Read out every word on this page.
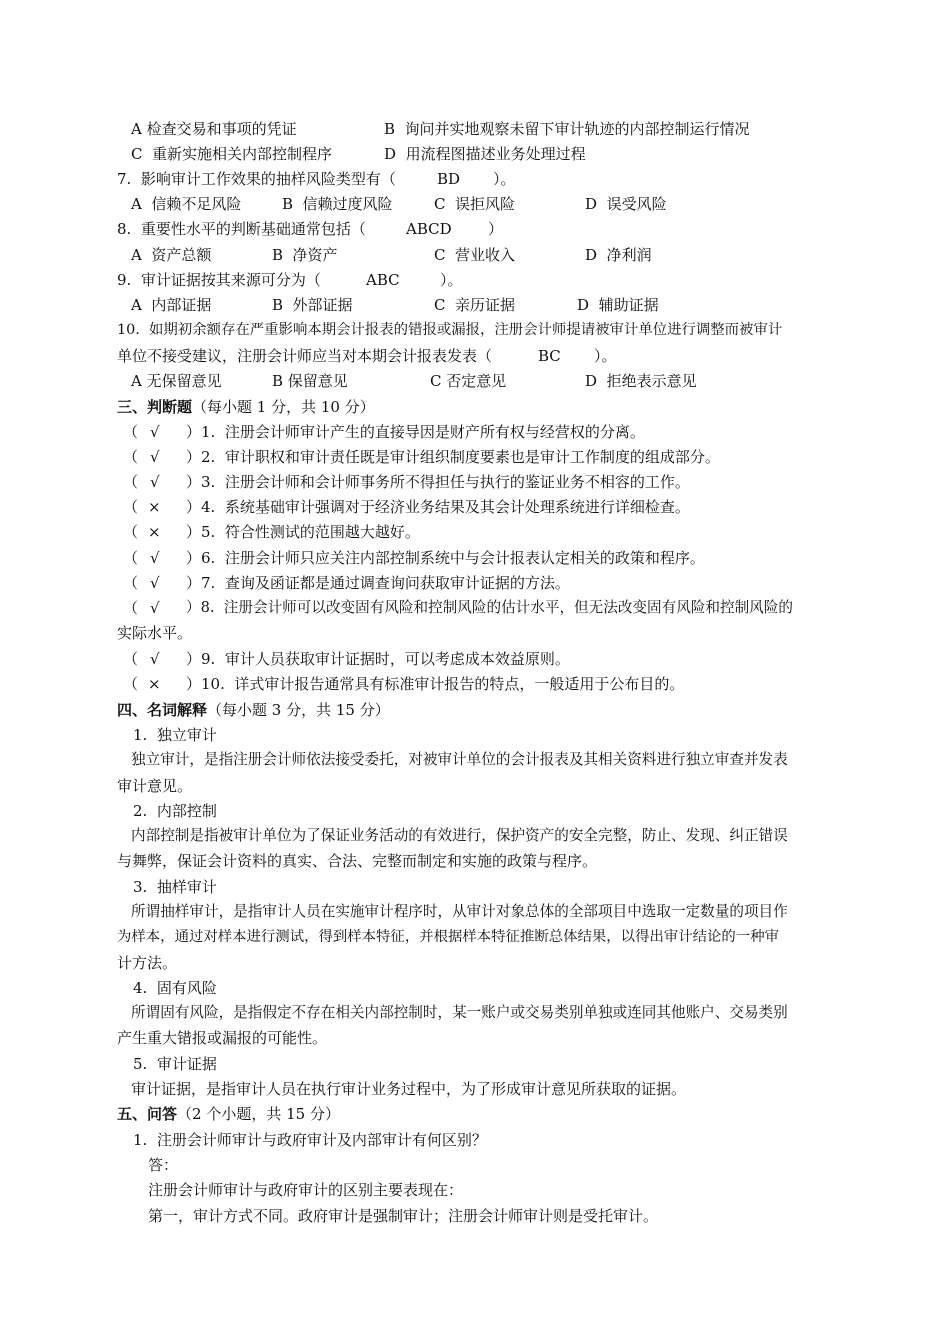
A 检查交易和事项的凭证	B  询问并实地观察未留下审计轨迹的内部控制运行情况
C  重新实施相关内部控制程序	D  用流程图描述业务处理过程
7.  影响审计工作效果的抽样风险类型有（	BD ）。
A  信赖不足风险	B  信赖过度风险	C  误拒风险	D  误受风险
8.  重要性水平的判断基础通常包括（	ABCD ）
A  资产总额	B  净资产	C  营业收入	D  净利润
9.  审计证据按其来源可分为（	ABC	）。
A  内部证据	B  外部证据	C  亲历证据	D  辅助证据
10.  如期初余额存在严重影响本期会计报表的错报或漏报，注册会计师提请被审计单位进行调整而被审计
单位不接受建议，注册会计师应当对本期会计报表发表（	BC ）。
A 无保留意见	B 保留意见	C 否定意见	D  拒绝表示意见
三、判断题（每小题 1 分，共 10 分）
（ √ ）1.  注册会计师审计产生的直接导因是财产所有权与经营权的分离。
（ √ ）2.  审计职权和审计责任既是审计组织制度要素也是审计工作制度的组成部分。
（ √ ）3.  注册会计师和会计师事务所不得担任与执行的鉴证业务不相容的工作。
（ × ）4.  系统基础审计强调对于经济业务结果及其会计处理系统进行详细检查。
（ × ）5.  符合性测试的范围越大越好。
（ √ ）6.  注册会计师只应关注内部控制系统中与会计报表认定相关的政策和程序。
（ √ ）7.  查询及函证都是通过调查询问获取审计证据的方法。
（ √ ）8.  注册会计师可以改变固有风险和控制风险的估计水平，但无法改变固有风险和控制风险的
实际水平。
（ √ ）9.  审计人员获取审计证据时，可以考虑成本效益原则。
（ × ）10.  详式审计报告通常具有标准审计报告的特点，一般适用于公布目的。
四、名词解释（每小题 3 分，共 15 分）
1.  独立审计
独立审计，是指注册会计师依法接受委托，对被审计单位的会计报表及其相关资料进行独立审查并发表
审计意见。
2.  内部控制
内部控制是指被审计单位为了保证业务活动的有效进行，保护资产的安全完整，防止、发现、纠正错误
与舞弊，保证会计资料的真实、合法、完整而制定和实施的政策与程序。
3.  抽样审计
所谓抽样审计，是指审计人员在实施审计程序时，从审计对象总体的全部项目中选取一定数量的项目作
为样本，通过对样本进行测试，得到样本特征，并根据样本特征推断总体结果，以得出审计结论的一种审
计方法。
4.  固有风险
所谓固有风险，是指假定不存在相关内部控制时，某一账户或交易类别单独或连同其他账户、交易类别
产生重大错报或漏报的可能性。
5.  审计证据
审计证据，是指审计人员在执行审计业务过程中，为了形成审计意见所获取的证据。
五、问答（2 个小题，共 15 分）
1.  注册会计师审计与政府审计及内部审计有何区别？
答：
注册会计师审计与政府审计的区别主要表现在：
第一，审计方式不同。政府审计是强制审计；注册会计师审计则是受托审计。
